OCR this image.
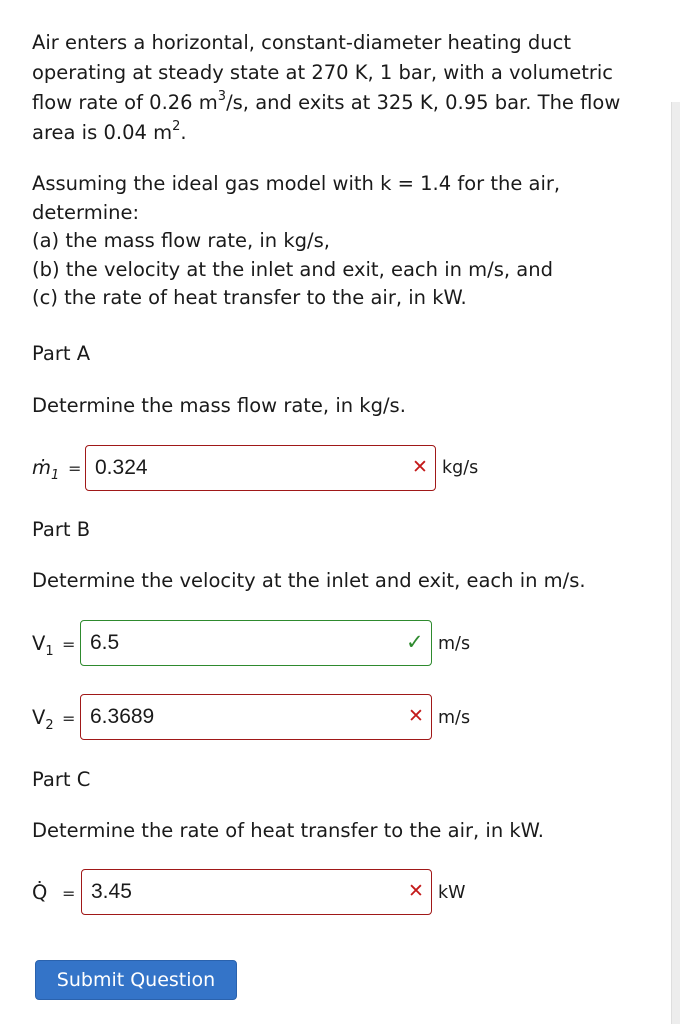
Air enters a horizontal, constant-diameter heating duct

operating at steady state at 270 K, 1 bar, with a volumetric

flow rate of 0.26 $m^3/s$, and exits at 325 K, 0.95 bar. The flow

area is 0.04 $m^2$.

Assuming the ideal gas model with k = 1.4 for the air,

determine:

(a) the mass flow rate, in kg/s,

(b) the velocity at the inlet and exit, each in m/s, and

(c) the rate of heat transfer to the air, in kW.

Part A
Determine the mass flow rate, in kg/s.
ṁ$_1$ = 0.324	✕ kg/s
Part B
Determine the velocity at the inlet and exit, each in m/s.
$V_1 = 6.5$	✓ m/s
$V_2 = 6.3689$	✕ m/s
Part C
Determine the rate of heat transfer to the air, in kW.
Q̇ = 3.45	✕ kW
Submit Question
